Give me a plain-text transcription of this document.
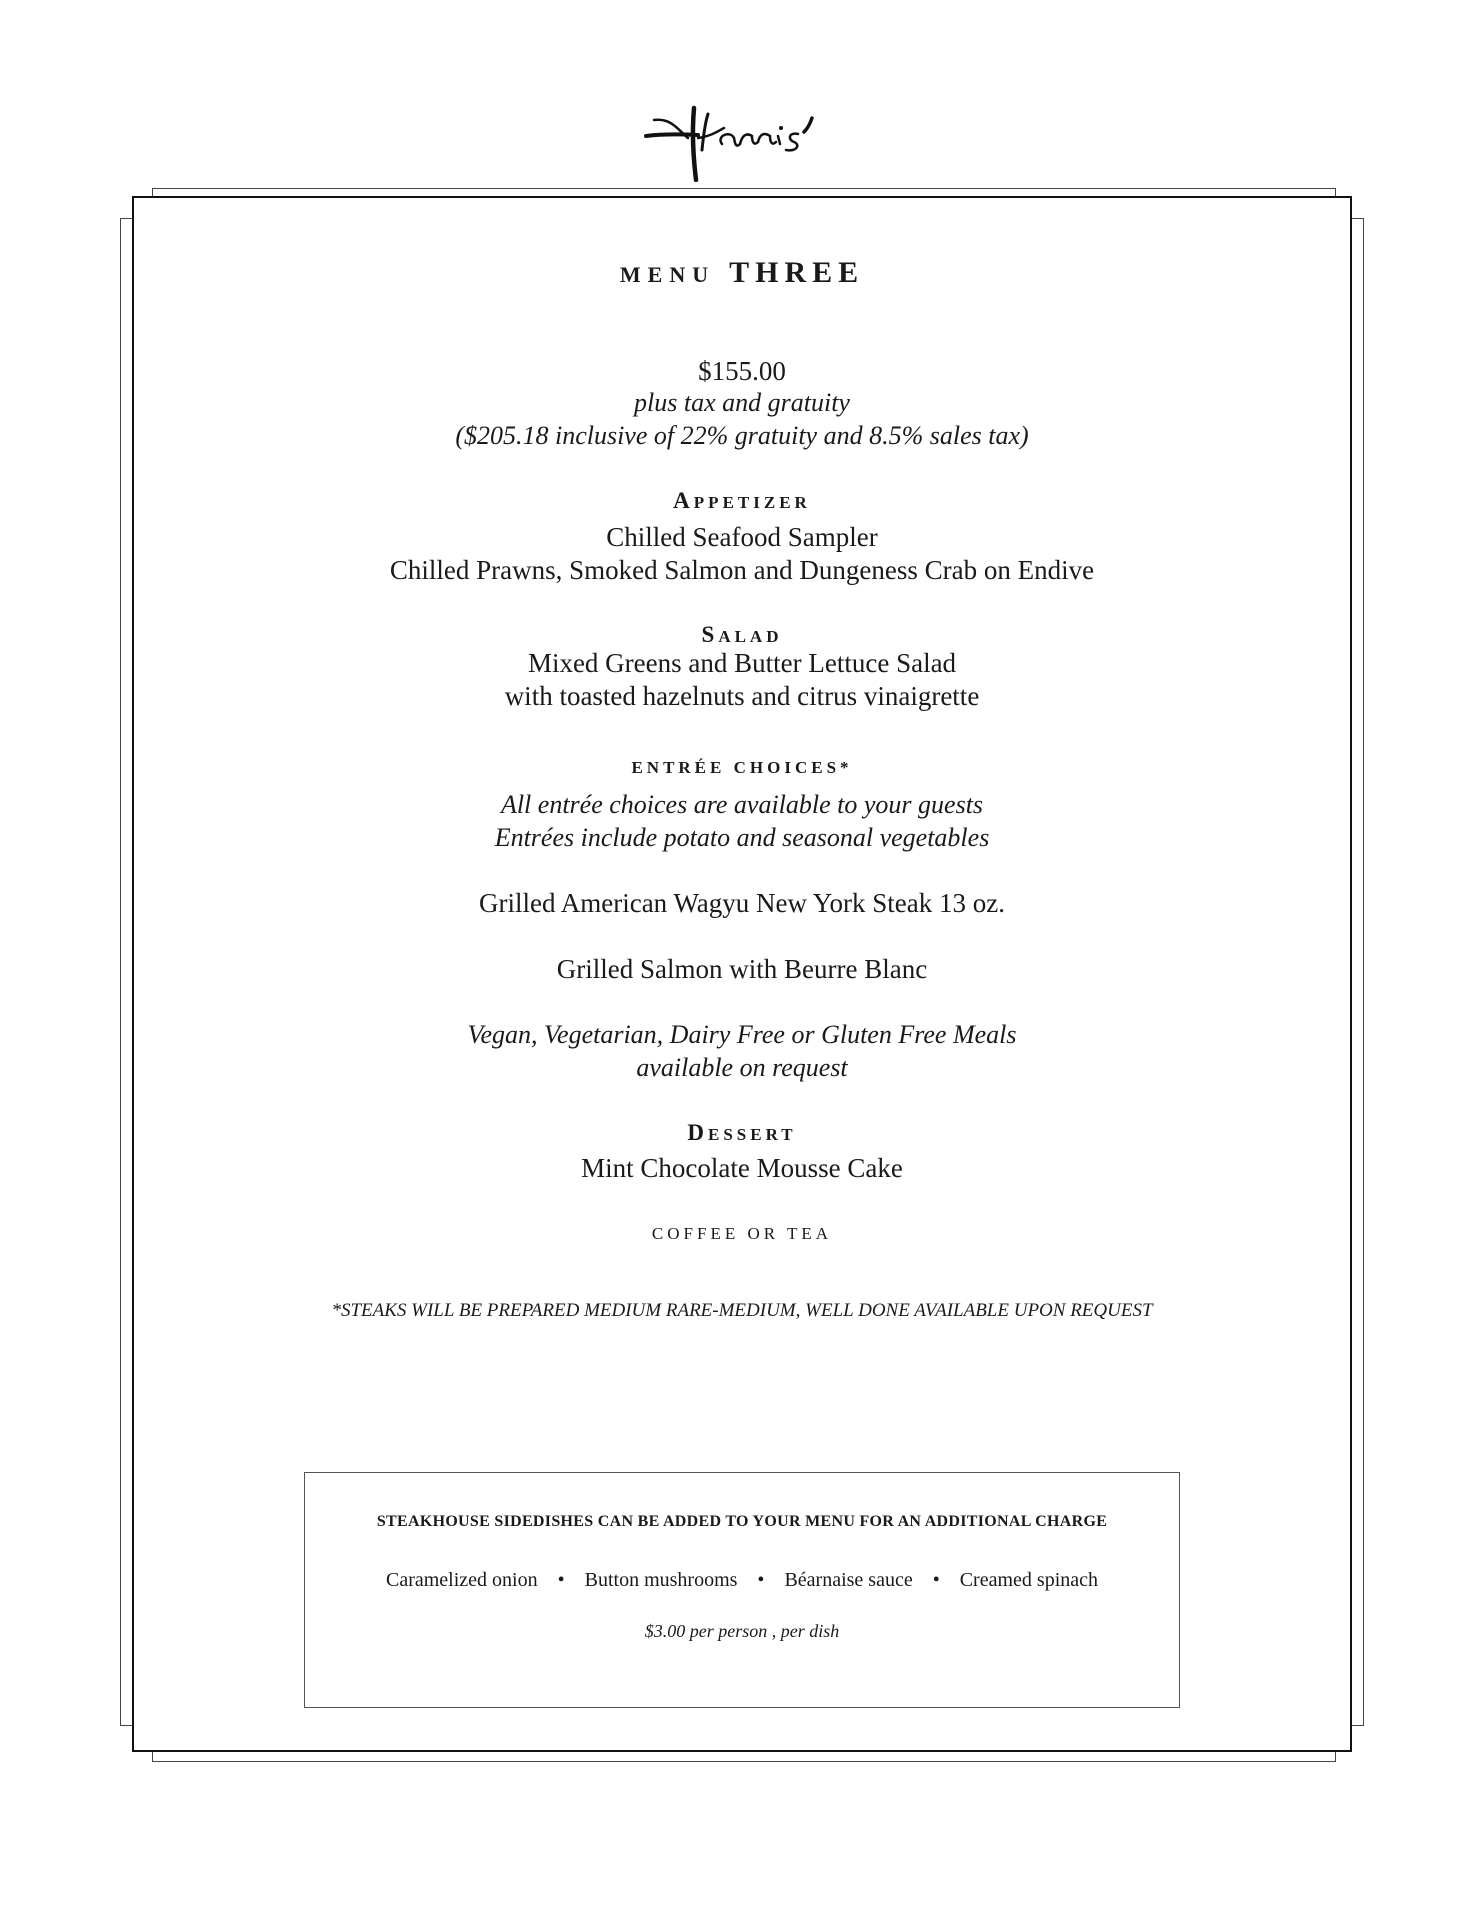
MENU THREE
$155.00
plus tax and gratuity
($205.18 inclusive of 22% gratuity and 8.5% sales tax)
APPETIZER
Chilled Seafood Sampler
Chilled Prawns, Smoked Salmon and Dungeness Crab on Endive
SALAD
Mixed Greens and Butter Lettuce Salad
with toasted hazelnuts and citrus vinaigrette
ENTRÉE CHOICES*
All entrée choices are available to your guests
Entrées include potato and seasonal vegetables
Grilled American Wagyu New York Steak 13 oz.
Grilled Salmon with Beurre Blanc
Vegan, Vegetarian, Dairy Free or Gluten Free Meals
available on request
DESSERT
Mint Chocolate Mousse Cake
COFFEE OR TEA
*STEAKS WILL BE PREPARED MEDIUM RARE-MEDIUM, WELL DONE AVAILABLE UPON REQUEST
STEAKHOUSE SIDEDISHES CAN BE ADDED TO YOUR MENU FOR AN ADDITIONAL CHARGE
Caramelized onion • Button mushrooms • Béarnaise sauce • Creamed spinach
$3.00 per person , per dish
